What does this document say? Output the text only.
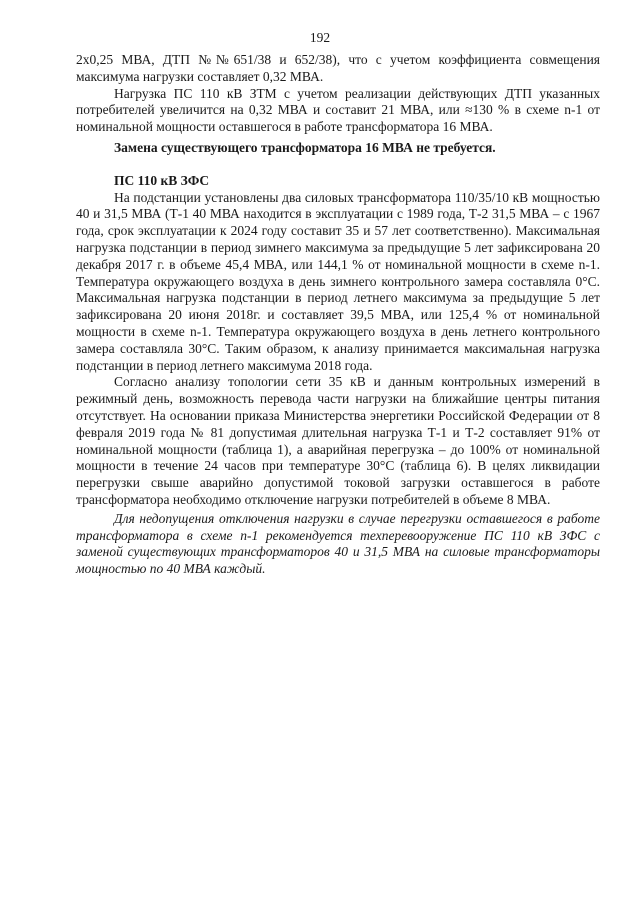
192

2x0,25 МВА, ДТП №№651/38 и 652/38), что с учетом коэффициента совмещения максимума нагрузки составляет 0,32 МВА.

Нагрузка ПС 110 кВ ЗТМ с учетом реализации действующих ДТП указанных потребителей увеличится на 0,32 МВА и составит 21 МВА, или ≈130 % в схеме n-1 от номинальной мощности оставшегося в работе трансформатора 16 МВА.

Замена существующего трансформатора 16 МВА не требуется.

ПС 110 кВ ЗФС

На подстанции установлены два силовых трансформатора 110/35/10 кВ мощностью 40 и 31,5 МВА (Т-1 40 МВА находится в эксплуатации с 1989 года, Т-2 31,5 МВА – с 1967 года, срок эксплуатации к 2024 году составит 35 и 57 лет соответственно). Максимальная нагрузка подстанции в период зимнего максимума за предыдущие 5 лет зафиксирована 20 декабря 2017 г. в объеме 45,4 МВА, или 144,1 % от номинальной мощности в схеме n-1. Температура окружающего воздуха в день зимнего контрольного замера составляла 0°С. Максимальная нагрузка подстанции в период летнего максимума за предыдущие 5 лет зафиксирована 20 июня 2018г. и составляет 39,5 МВА, или 125,4 % от номинальной мощности в схеме n-1. Температура окружающего воздуха в день летнего контрольного замера составляла 30°С. Таким образом, к анализу принимается максимальная нагрузка подстанции в период летнего максимума 2018 года.

Согласно анализу топологии сети 35 кВ и данным контрольных измерений в режимный день, возможность перевода части нагрузки на ближайшие центры питания отсутствует. На основании приказа Министерства энергетики Российской Федерации от 8 февраля 2019 года № 81 допустимая длительная нагрузка Т-1 и Т-2 составляет 91% от номинальной мощности (таблица 1), а аварийная перегрузка – до 100% от номинальной мощности в течение 24 часов при температуре 30°С (таблица 6). В целях ликвидации перегрузки свыше аварийно допустимой токовой загрузки оставшегося в работе трансформатора необходимо отключение нагрузки потребителей в объеме 8 МВА.

Для недопущения отключения нагрузки в случае перегрузки оставшегося в работе трансформатора в схеме n-1 рекомендуется техперевооружение ПС 110 кВ ЗФС с заменой существующих трансформаторов 40 и 31,5 МВА на силовые трансформаторы мощностью по 40 МВА каждый.
